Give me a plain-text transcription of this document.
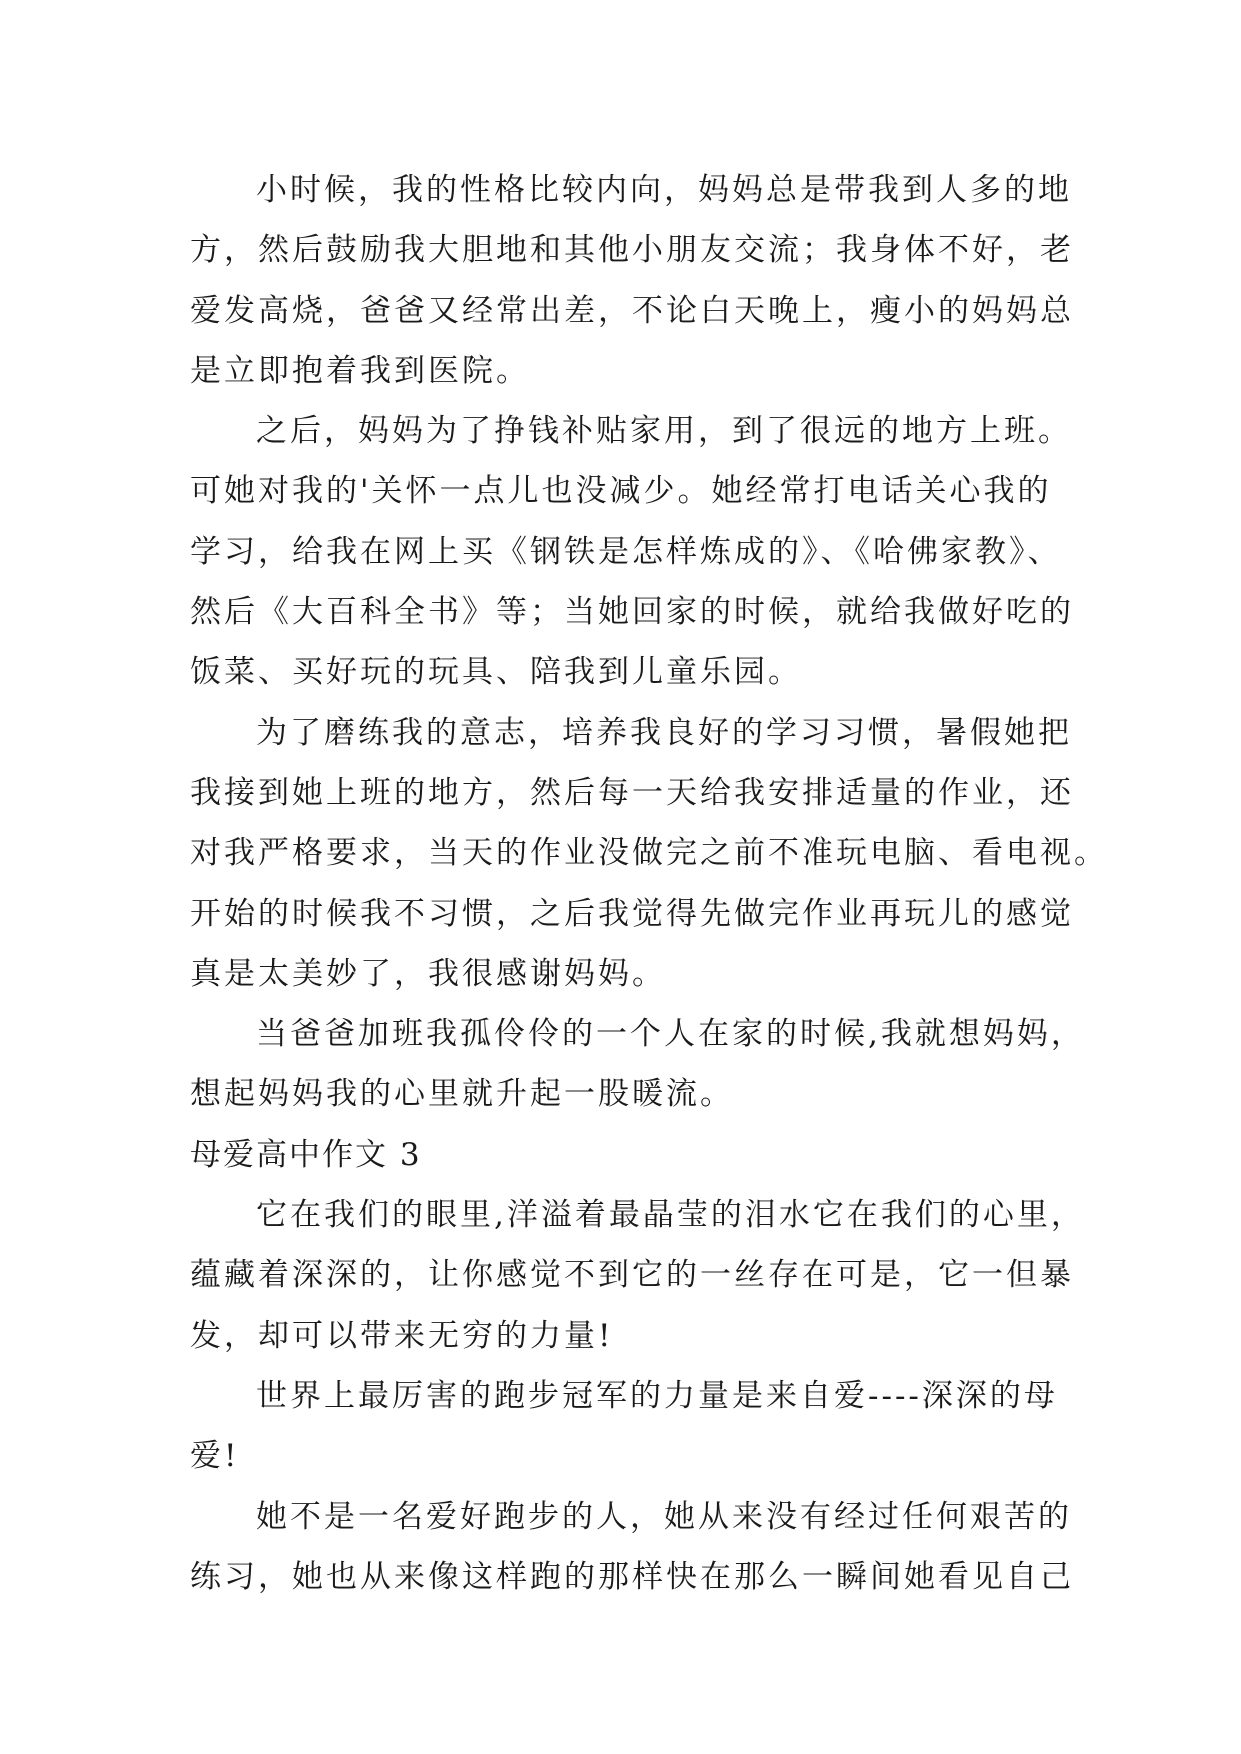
小时候，我的性格比较内向，妈妈总是带我到人多的地
方，然后鼓励我大胆地和其他小朋友交流；我身体不好，老
爱发高烧，爸爸又经常出差，不论白天晚上，瘦小的妈妈总
是立即抱着我到医院。
之后，妈妈为了挣钱补贴家用，到了很远的地方上班。
可她对我的'关怀一点儿也没减少。她经常打电话关心我的
学习，给我在网上买《钢铁是怎样炼成的》、《哈佛家教》、
然后《大百科全书》等；当她回家的时候，就给我做好吃的
饭菜、买好玩的玩具、陪我到儿童乐园。
为了磨练我的意志，培养我良好的学习习惯，暑假她把
我接到她上班的地方，然后每一天给我安排适量的作业，还
对我严格要求，当天的作业没做完之前不准玩电脑、看电视。
开始的时候我不习惯，之后我觉得先做完作业再玩儿的感觉
真是太美妙了，我很感谢妈妈。
当爸爸加班我孤伶伶的一个人在家的时候,我就想妈妈，
想起妈妈我的心里就升起一股暖流。
母爱高中作文 3
它在我们的眼里,洋溢着最晶莹的泪水它在我们的心里，
蕴藏着深深的，让你感觉不到它的一丝存在可是，它一但暴
发，却可以带来无穷的力量!
世界上最厉害的跑步冠军的力量是来自爱----深深的母
爱!
她不是一名爱好跑步的人，她从来没有经过任何艰苦的
练习，她也从来像这样跑的那样快在那么一瞬间她看见自己
